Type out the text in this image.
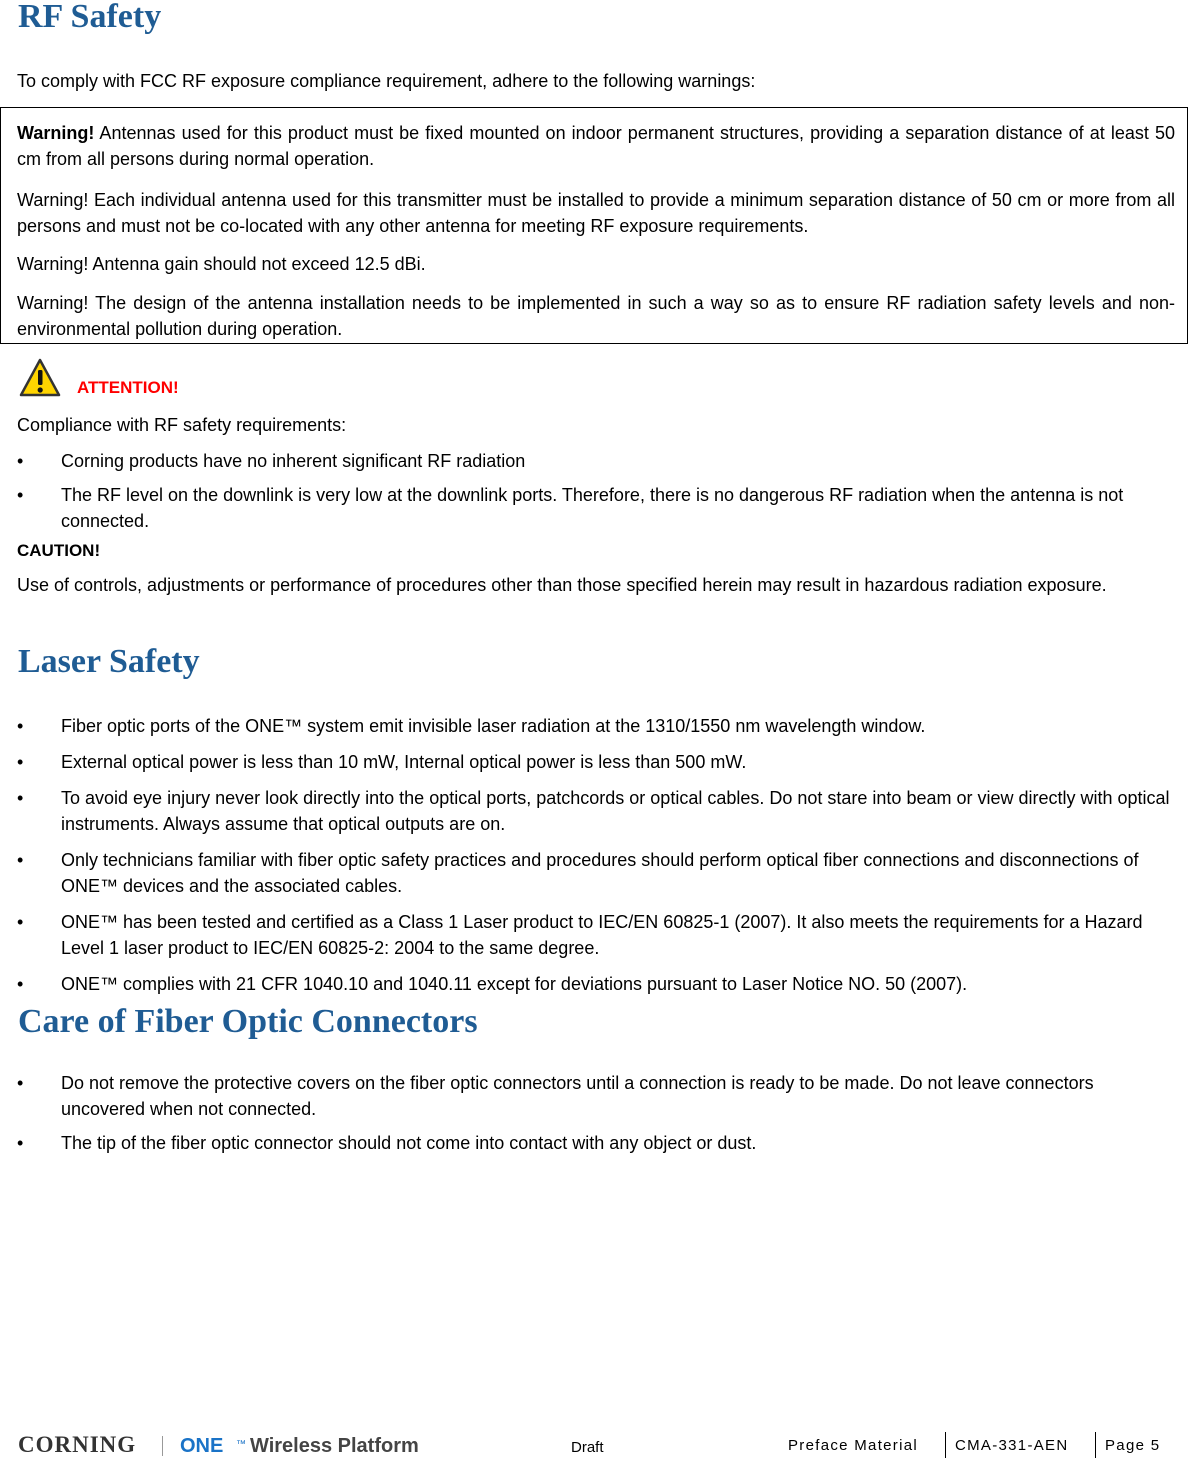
RF Safety

To comply with FCC RF exposure compliance requirement, adhere to the following warnings:

Warning! Antennas used for this product must be fixed mounted on indoor permanent structures, providing a separation distance of at least 50 cm from all persons during normal operation.

Warning! Each individual antenna used for this transmitter must be installed to provide a minimum separation distance of 50 cm or more from all persons and must not be co-located with any other antenna for meeting RF exposure requirements.

Warning! Antenna gain should not exceed 12.5 dBi.

Warning! The design of the antenna installation needs to be implemented in such a way so as to ensure RF radiation safety levels and non-environmental pollution during operation.

ATTENTION!

Compliance with RF safety requirements:

• Corning products have no inherent significant RF radiation
• The RF level on the downlink is very low at the downlink ports. Therefore, there is no dangerous RF radiation when the antenna is not connected.
CAUTION!

Use of controls, adjustments or performance of procedures other than those specified herein may result in hazardous radiation exposure.

Laser Safety
• Fiber optic ports of the ONE™ system emit invisible laser radiation at the 1310/1550 nm wavelength window.
• External optical power is less than 10 mW, Internal optical power is less than 500 mW.
• To avoid eye injury never look directly into the optical ports, patchcords or optical cables. Do not stare into beam or view directly with optical instruments. Always assume that optical outputs are on.
• Only technicians familiar with fiber optic safety practices and procedures should perform optical fiber connections and disconnections of ONE™ devices and the associated cables.
• ONE™ has been tested and certified as a Class 1 Laser product to IEC/EN 60825-1 (2007). It also meets the requirements for a Hazard Level 1 laser product to IEC/EN 60825-2: 2004 to the same degree.
• ONE™ complies with 21 CFR 1040.10 and 1040.11 except for deviations pursuant to Laser Notice NO. 50 (2007).
Care of Fiber Optic Connectors
• Do not remove the protective covers on the fiber optic connectors until a connection is ready to be made. Do not leave connectors uncovered when not connected.
• The tip of the fiber optic connector should not come into contact with any object or dust.
CORNING ONE ™ Wireless Platform	Draft	Preface Material CMA-331-AEN Page 5
